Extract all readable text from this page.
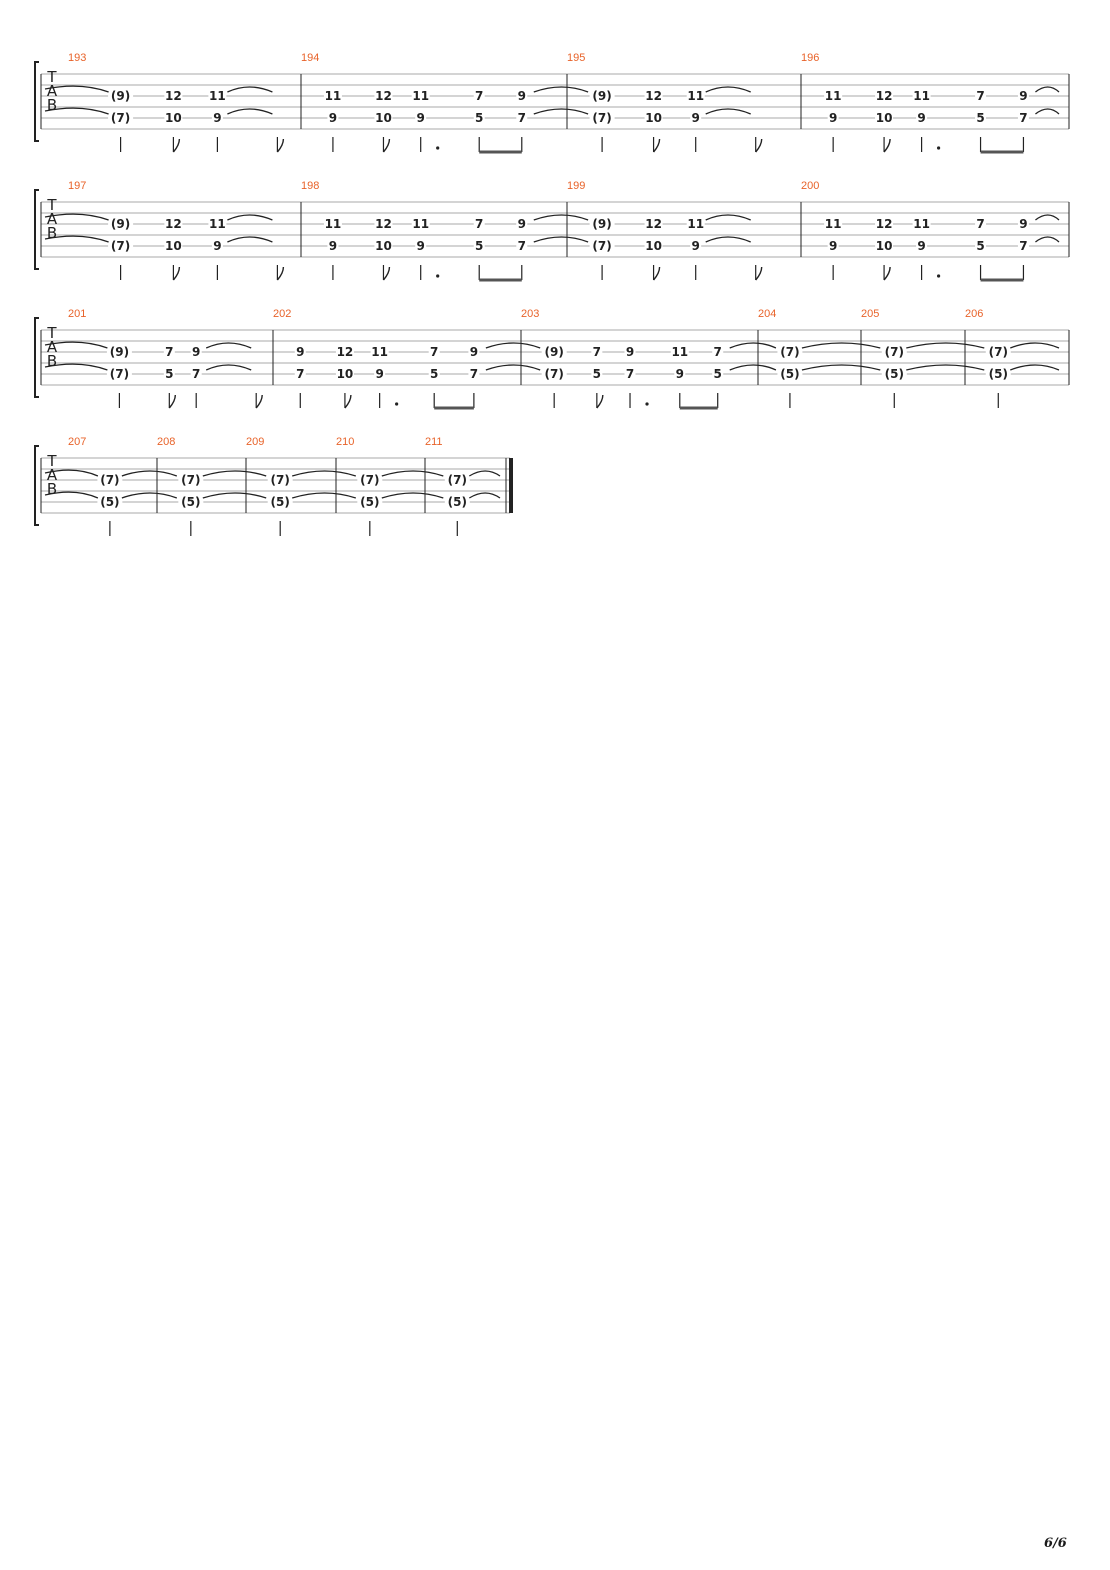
T
A
B
193
(9)
(7)
12
10
11
9
194
11
9
12
10
11
9
7
5
9
7
195
(9)
(7)
12
10
11
9
196
11
9
12
10
11
9
7
5
9
7
T
A
B
197
(9)
(7)
12
10
11
9
198
11
9
12
10
11
9
7
5
9
7
199
(9)
(7)
12
10
11
9
200
11
9
12
10
11
9
7
5
9
7
T
A
B
201
(9)
(7)
7
5
9
7
202
9
7
12
10
11
9
7
5
9
7
203
(9)
(7)
7
5
9
7
11
9
7
5
204
(7)
(5)
205
(7)
(5)
206
(7)
(5)
T
A
B
207
(7)
(5)
208
(7)
(5)
209
(7)
(5)
210
(7)
(5)
211
(7)
(5)
6/6
